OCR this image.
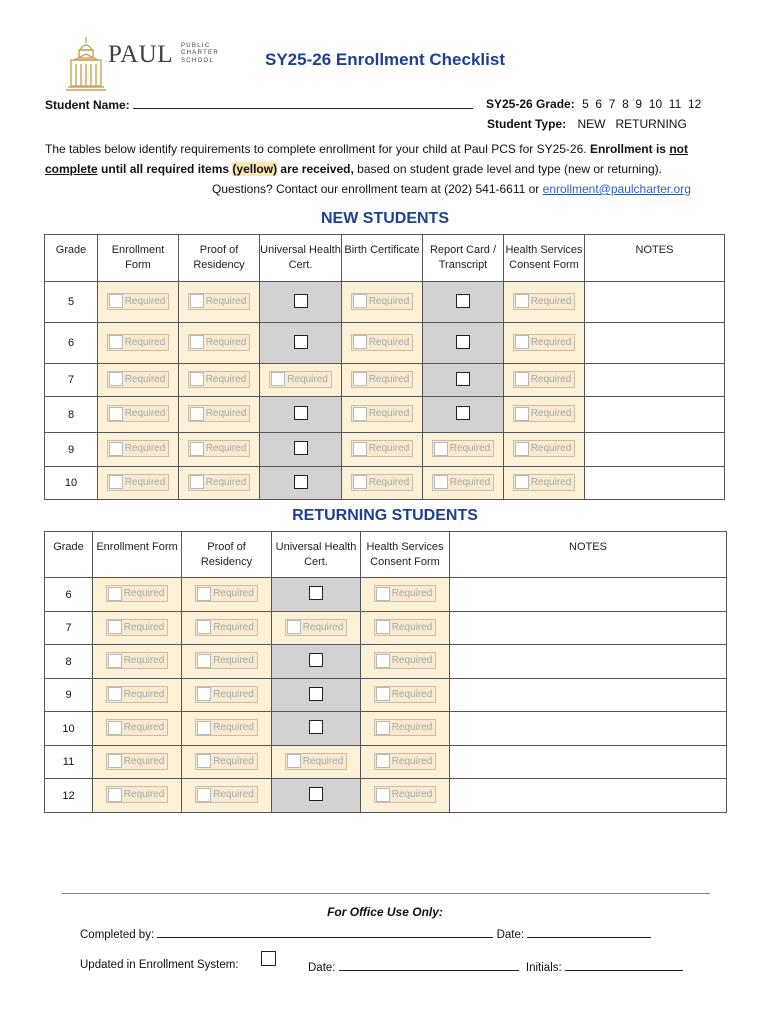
PAUL PUBLIC
CHARTER
SCHOOL	SY25-26 Enrollment Checklist
Student Name:	SY25-26 Grade: 5  6  7  8  9  10  11  12
Student Type: NEW   RETURNING
The tables below identify requirements to complete enrollment for your child at Paul PCS for SY25-26. Enrollment is not
complete until all required items (yellow) are received, based on student grade level and type (new or returning).
Questions? Contact our enrollment team at (202) 541-6611 or enrollment@paulcharter.org
NEW STUDENTS
Grade	Enrollment Form	Proof of Residency	Universal Health Cert.	Birth Certificate	Report Card / Transcript	Health Services Consent Form	NOTES
5	Required	Required		Required		Required	

6	Required	Required		Required		Required	

7	Required	Required	Required	Required		Required	

8	Required	Required		Required		Required	

9	Required	Required		Required	Required	Required	

10	Required	Required		Required	Required	Required	

RETURNING STUDENTS
Grade	Enrollment Form	Proof of Residency	Universal Health Cert.	Health Services Consent Form	NOTES
6	Required	Required		Required	

7	Required	Required	Required	Required	

8	Required	Required		Required	

9	Required	Required		Required	

10	Required	Required		Required	

11	Required	Required	Required	Required	

12	Required	Required		Required	

For Office Use Only:
Completed by:	Date:
Updated in Enrollment System:	Date:	Initials:
